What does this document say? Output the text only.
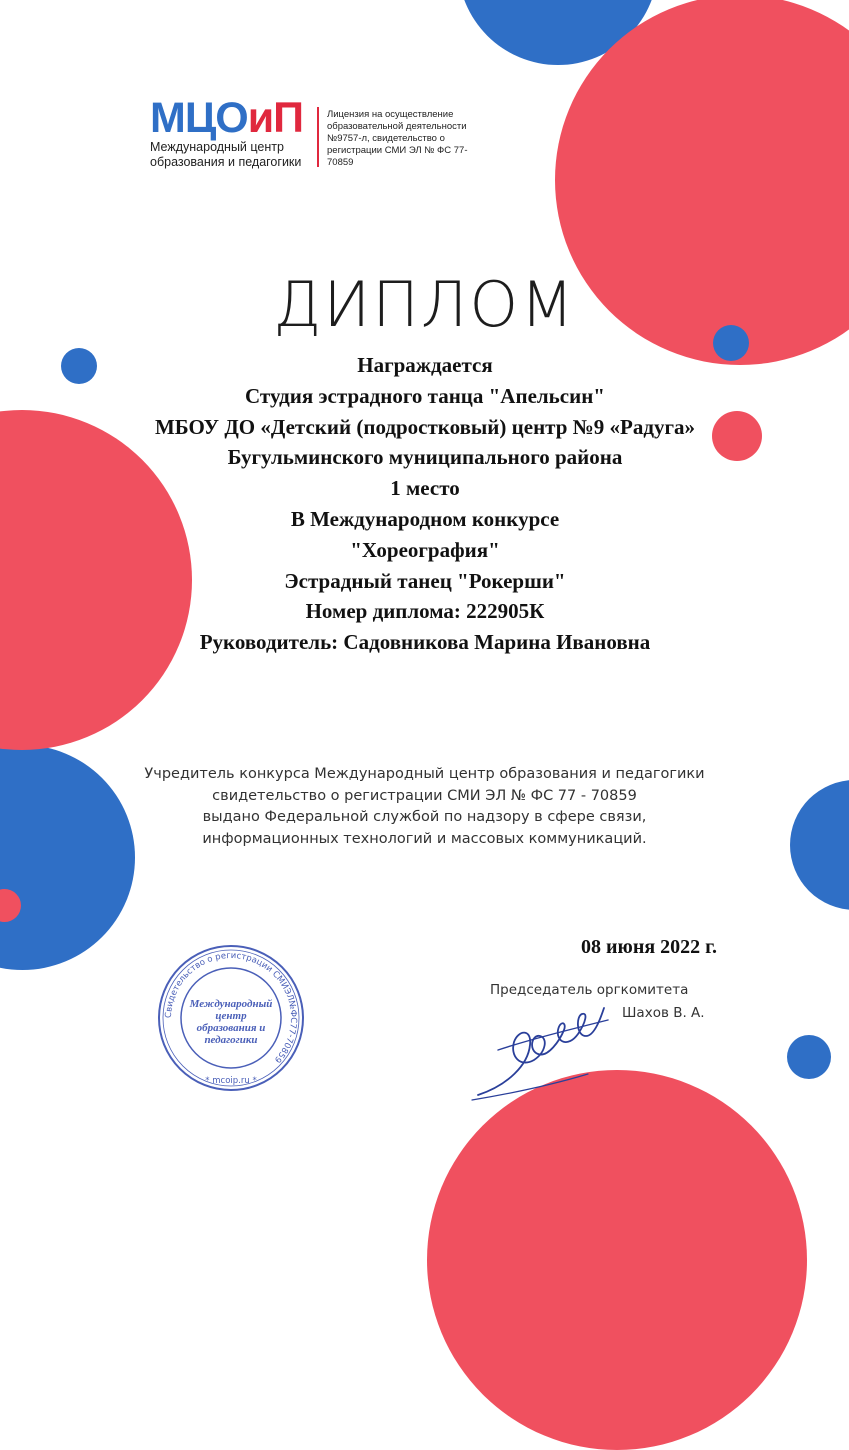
МЦОиП
Международный центр
образования и педагогики
Лицензия на осуществление образовательной деятельности №9757-л, свидетельство о регистрации СМИ ЭЛ № ФС 77-70859
ДИПЛОМ
Награждается
Студия эстрадного танца "Апельсин"
МБОУ ДО «Детский (подростковый) центр №9 «Радуга»
Бугульминского муниципального района
1 место
В Международном конкурсе
"Хореография"
Эстрадный танец "Рокерши"
Номер диплома: 222905К
Руководитель: Садовникова Марина Ивановна
Учредитель конкурса Международный центр образования и педагогики
свидетельство о регистрации СМИ ЭЛ № ФС 77 - 70859
выдано Федеральной службой по надзору в сфере связи,
информационных технологий и массовых коммуникаций.
08 июня 2022 г.
Председатель оргкомитета
Шахов В. А.
Свидетельство о регистрации СМИЭЛ№ФС77-70859
Международный
центр
образования и
педагогики
* mcoip.ru *
